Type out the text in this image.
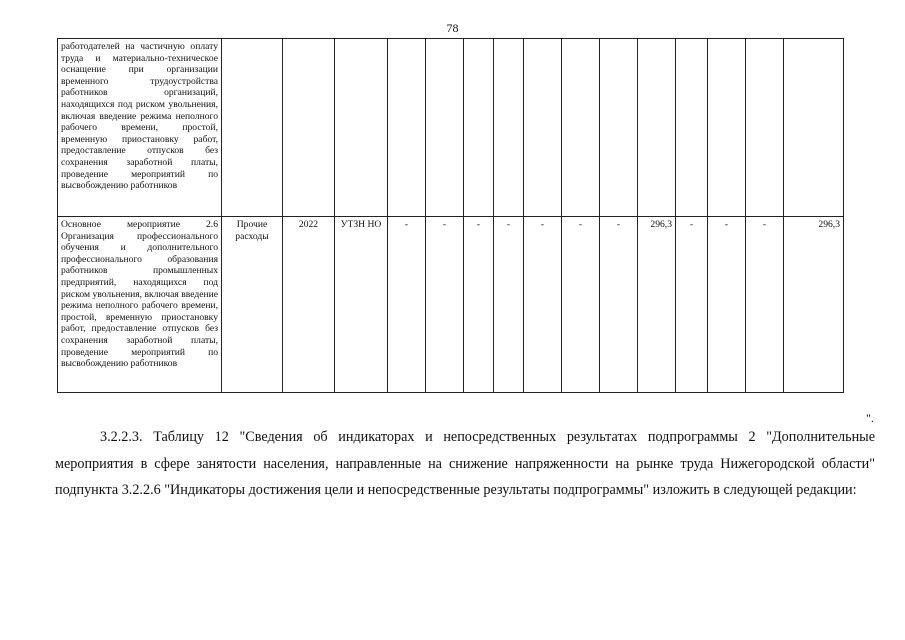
78
работодателей на частичную оплату труда и материально-техническое оснащение при организации временного трудоустройства работников организаций, находящихся под риском увольнения, включая введение режима неполного рабочего времени, простой, временную приостановку работ, предоставление отпусков без сохранения заработной платы, проведение мероприятий по высвобождению работников															
Основное мероприятие 2.6 Организация профессионального обучения и дополнительного профессионального образования работников промышленных предприятий, находящихся под риском увольнения, включая введение режима неполного рабочего времени, простой, временную приостановку работ, предоставление отпусков без сохранения заработной платы, проведение мероприятий по высвобождению работников	Прочие расходы	2022	УТЗН НО	-	-	-	-	-	-	-	296,3	-	-	-	296,3
".

3.2.2.3. Таблицу 12 "Сведения об индикаторах и непосредственных результатах подпрограммы 2 "Дополнительные мероприятия в сфере занятости населения, направленные на снижение напряженности на рынке труда Нижегородской области" подпункта 3.2.2.6 "Индикаторы достижения цели и непосредственные результаты подпрограммы" изложить в следующей редакции:
